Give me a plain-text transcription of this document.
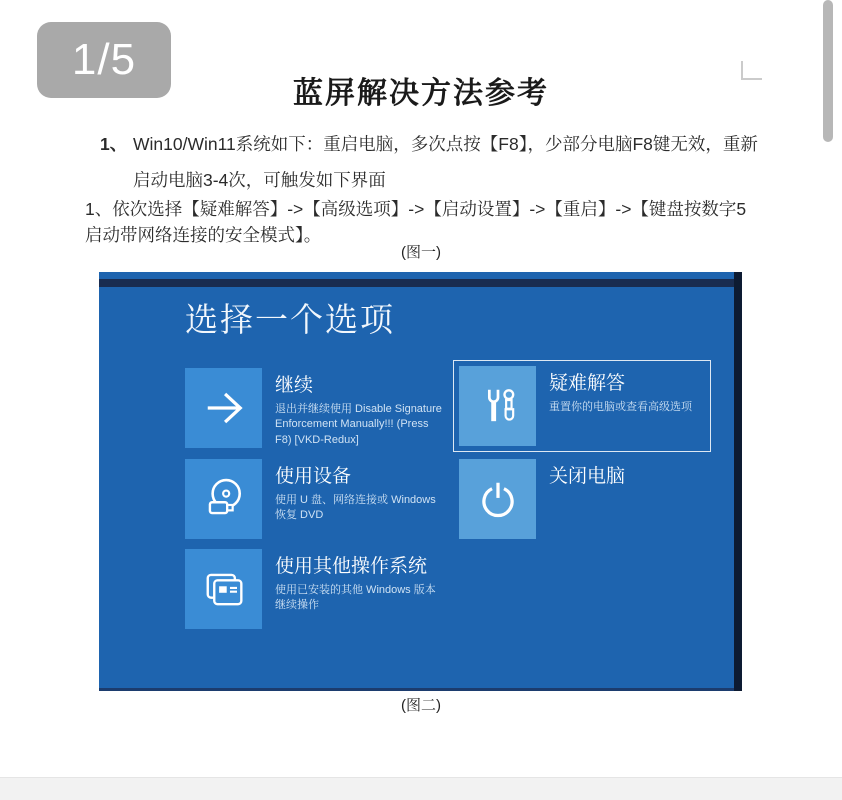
1/5
蓝屏解决方法参考
1、 Win10/Win11系统如下：重启电脑，多次点按【F8】，少部分电脑F8键无效，重新
启动电脑3-4次，可触发如下界面
1、依次选择【疑难解答】->【高级选项】->【启动设置】->【重启】->【键盘按数字5
启动带网络连接的安全模式】。
(图一)
选择一个选项
继续
退出并继续使用 Disable Signature Enforcement Manually!!! (Press F8) [VKD-Redux]
疑难解答
重置你的电脑或查看高级选项
使用设备
使用 U 盘、网络连接或 Windows 恢复 DVD
关闭电脑
使用其他操作系统
使用已安装的其他 Windows 版本继续操作
(图二)
